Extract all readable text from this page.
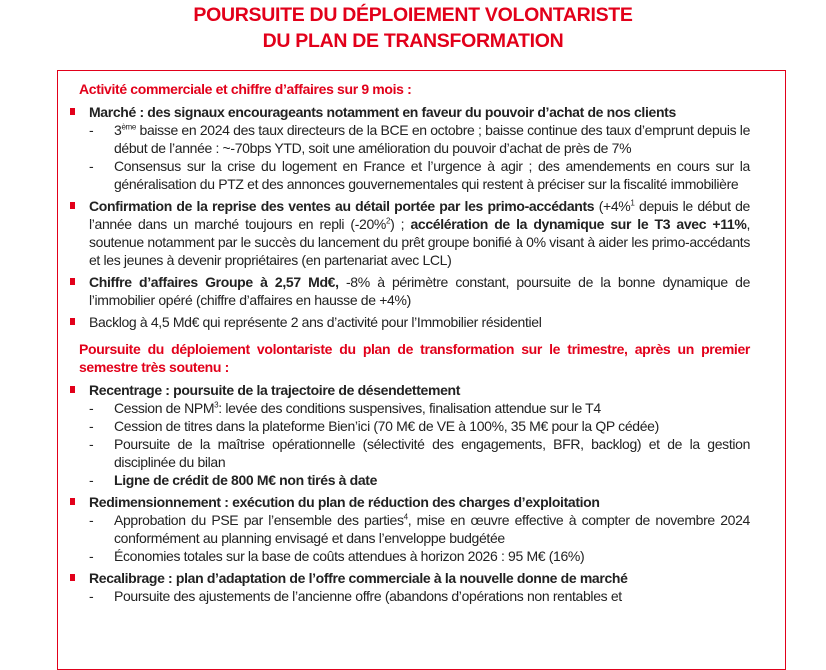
POURSUITE DU DÉPLOIEMENT VOLONTARISTE
DU PLAN DE TRANSFORMATION
Activité commerciale et chiffre d’affaires sur 9 mois :
Marché : des signaux encourageants notamment en faveur du pouvoir d’achat de nos clients
- 3ème baisse en 2024 des taux directeurs de la BCE en octobre ; baisse continue des taux d’emprunt depuis le début de l’année : ~-70bps YTD, soit une amélioration du pouvoir d’achat de près de 7%
- Consensus sur la crise du logement en France et l’urgence à agir ; des amendements en cours sur la généralisation du PTZ et des annonces gouvernementales qui restent à préciser sur la fiscalité immobilière
Confirmation de la reprise des ventes au détail portée par les primo-accédants (+4%$^1$ depuis le début de l’année dans un marché toujours en repli (-20%$^2$) ; accélération de la dynamique sur le T3 avec +11%, soutenue notamment par le succès du lancement du prêt groupe bonifié à 0% visant à aider les primo-accédants et les jeunes à devenir propriétaires (en partenariat avec LCL)
Chiffre d’affaires Groupe à 2,57 Md€, -8% à périmètre constant, poursuite de la bonne dynamique de l’immobilier opéré (chiffre d’affaires en hausse de +4%)
Backlog à 4,5 Md€ qui représente 2 ans d’activité pour l’Immobilier résidentiel
Poursuite du déploiement volontariste du plan de transformation sur le trimestre, après un premier semestre très soutenu :
Recentrage : poursuite de la trajectoire de désendettement
- Cession de NPM$^3$: levée des conditions suspensives, finalisation attendue sur le T4
- Cession de titres dans la plateforme Bien’ici (70 M€ de VE à 100%, 35 M€ pour la QP cédée)
- Poursuite de la maîtrise opérationnelle (sélectivité des engagements, BFR, backlog) et de la gestion disciplinée du bilan
- Ligne de crédit de 800 M€ non tirés à date
Redimensionnement : exécution du plan de réduction des charges d’exploitation
- Approbation du PSE par l’ensemble des parties$^4$, mise en œuvre effective à compter de novembre 2024 conformément au planning envisagé et dans l’enveloppe budgétée
- Économies totales sur la base de coûts attendues à horizon 2026 : 95 M€ (16%)
Recalibrage : plan d’adaptation de l’offre commerciale à la nouvelle donne de marché
- Poursuite des ajustements de l’ancienne offre (abandons d’opérations non rentables et
